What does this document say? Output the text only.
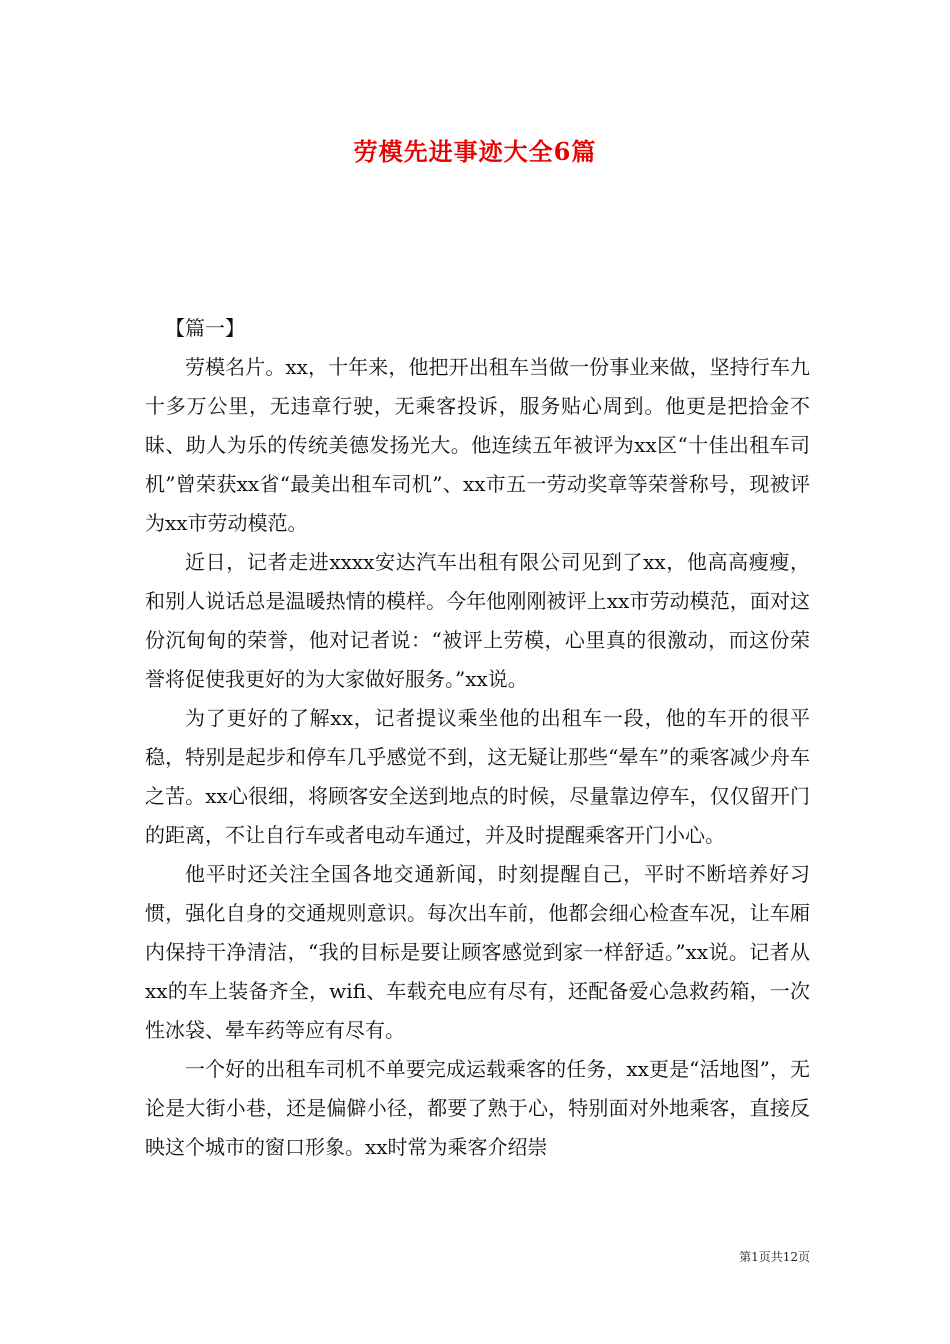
劳模先进事迹大全6篇

【篇一】

劳模名片。xx，十年来，他把开出租车当做一份事业来做，坚持行车九十多万公里，无违章行驶，无乘客投诉，服务贴心周到。他更是把拾金不昧、助人为乐的传统美德发扬光大。他连续五年被评为xx区“十佳出租车司机”曾荣获xx省“最美出租车司机”、xx市五一劳动奖章等荣誉称号，现被评为xx市劳动模范。

近日，记者走进xxxx安达汽车出租有限公司见到了xx，他高高瘦瘦，和别人说话总是温暖热情的模样。今年他刚刚被评上xx市劳动模范，面对这份沉甸甸的荣誉，他对记者说：“被评上劳模，心里真的很激动，而这份荣誉将促使我更好的为大家做好服务。”xx说。

为了更好的了解xx，记者提议乘坐他的出租车一段，他的车开的很平稳，特别是起步和停车几乎感觉不到，这无疑让那些“晕车”的乘客减少舟车之苦。xx心很细，将顾客安全送到地点的时候，尽量靠边停车，仅仅留开门的距离，不让自行车或者电动车通过，并及时提醒乘客开门小心。

他平时还关注全国各地交通新闻，时刻提醒自己，平时不断培养好习惯，强化自身的交通规则意识。每次出车前，他都会细心检查车况，让车厢内保持干净清洁，“我的目标是要让顾客感觉到家一样舒适。”xx说。记者从xx的车上装备齐全，wifi、车载充电应有尽有，还配备爱心急救药箱，一次性冰袋、晕车药等应有尽有。

一个好的出租车司机不单要完成运载乘客的任务，xx更是“活地图”，无论是大街小巷，还是偏僻小径，都要了熟于心，特别面对外地乘客，直接反映这个城市的窗口形象。xx时常为乘客介绍崇

第1页共12页
